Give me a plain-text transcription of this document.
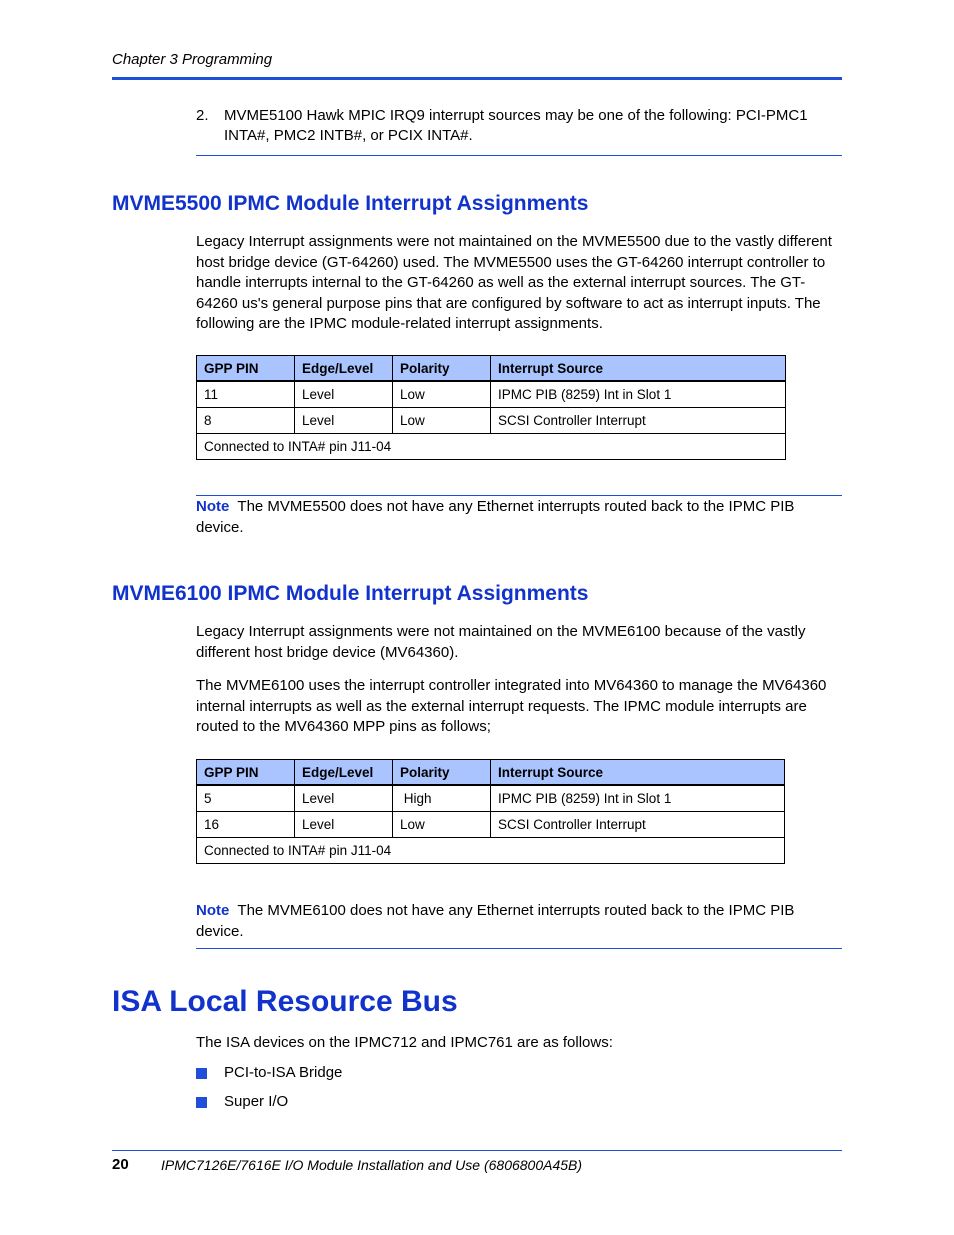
Chapter 3 Programming
2. MVME5100 Hawk MPIC IRQ9 interrupt sources may be one of the following: PCI-PMC1 INTA#, PMC2 INTB#, or PCIX INTA#.
MVME5500 IPMC Module Interrupt Assignments
Legacy Interrupt assignments were not maintained on the MVME5500 due to the vastly different host bridge device (GT-64260) used. The MVME5500 uses the GT-64260 interrupt controller to handle interrupts internal to the GT-64260 as well as the external interrupt sources. The GT-64260 us's general purpose pins that are configured by software to act as interrupt inputs. The following are the IPMC module-related interrupt assignments.
GPP PIN	Edge/Level	Polarity	Interrupt Source
11	Level	Low	IPMC PIB (8259) Int in Slot 1
8	Level	Low	SCSI Controller Interrupt
Connected to INTA# pin J11-04			
Note The MVME5500 does not have any Ethernet interrupts routed back to the IPMC PIB device.
MVME6100 IPMC Module Interrupt Assignments
Legacy Interrupt assignments were not maintained on the MVME6100 because of the vastly different host bridge device (MV64360).
The MVME6100 uses the interrupt controller integrated into MV64360 to manage the MV64360 internal interrupts as well as the external interrupt requests. The IPMC module interrupts are routed to the MV64360 MPP pins as follows;
GPP PIN	Edge/Level	Polarity	Interrupt Source
5	Level	High	IPMC PIB (8259) Int in Slot 1
16	Level	Low	SCSI Controller Interrupt
Connected to INTA# pin J11-04			
Note The MVME6100 does not have any Ethernet interrupts routed back to the IPMC PIB device.
ISA Local Resource Bus
The ISA devices on the IPMC712 and IPMC761 are as follows:
PCI-to-ISA Bridge
Super I/O
20 IPMC7126E/7616E I/O Module Installation and Use (6806800A45B)
